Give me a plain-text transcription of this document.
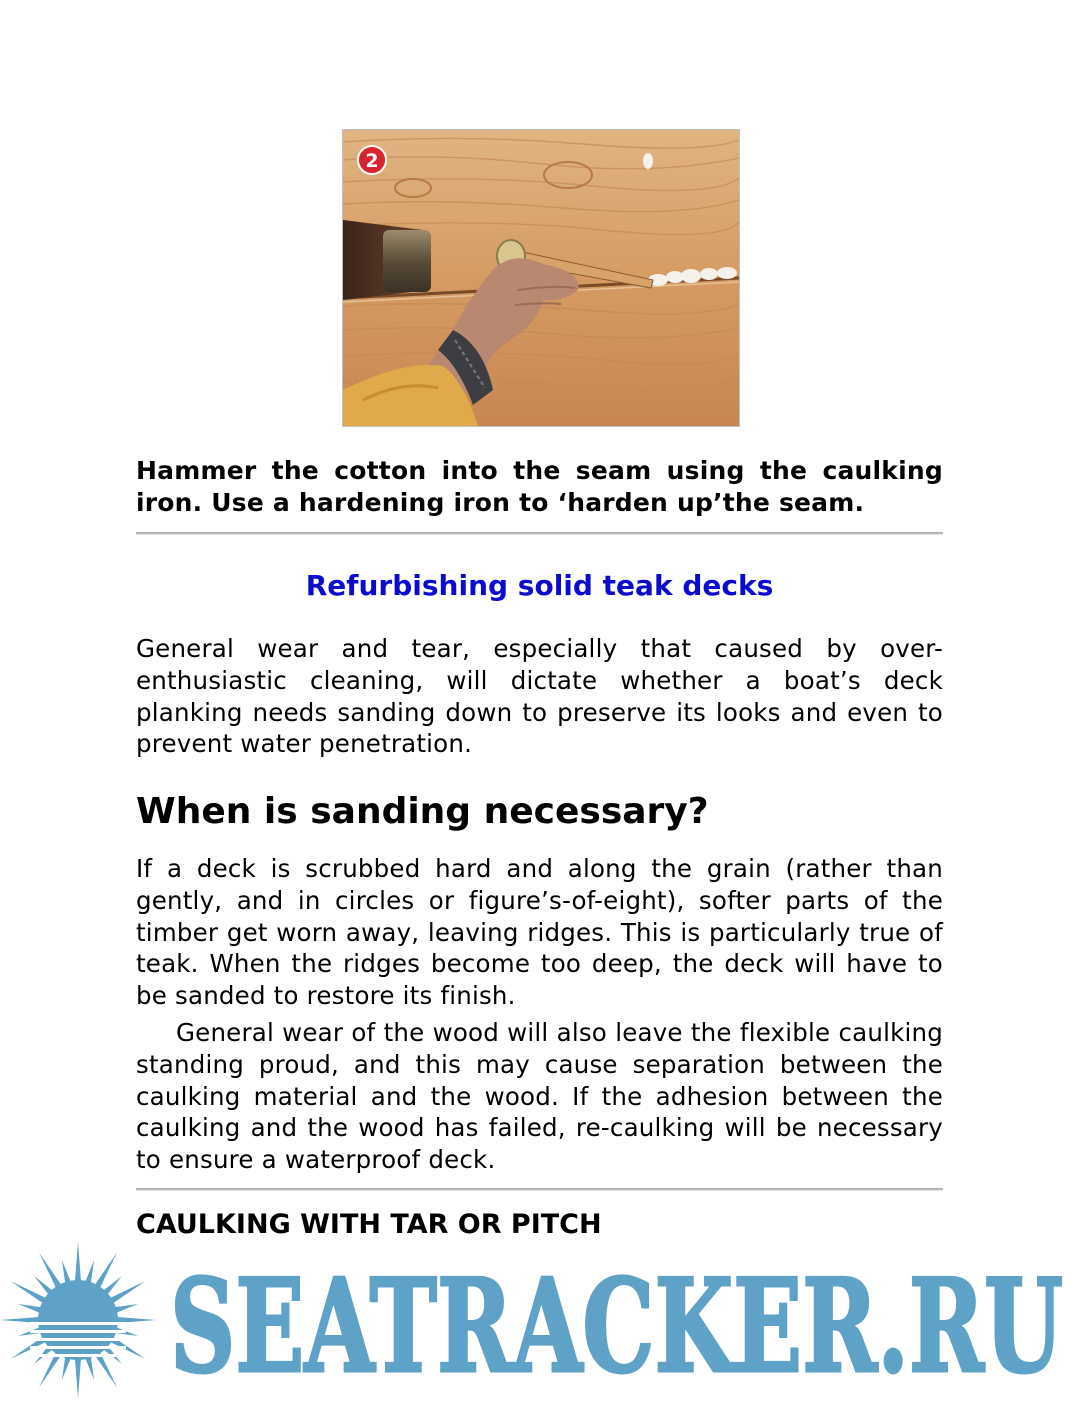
2
Hammer the cotton into the seam using the caulking iron. Use a hardening iron to ‘harden up’the seam.
Refurbishing solid teak decks
General wear and tear, especially that caused by over-enthusiastic cleaning, will dictate whether a boat’s deck planking needs sanding down to preserve its looks and even to prevent water penetration.
When is sanding necessary?
If a deck is scrubbed hard and along the grain (rather than gently, and in circles or figure’s-of-eight), softer parts of the timber get worn away, leaving ridges. This is particularly true of teak. When the ridges become too deep, the deck will have to be sanded to restore its finish.
General wear of the wood will also leave the flexible caulking standing proud, and this may cause separation between the caulking material and the wood. If the adhesion between the caulking and the wood has failed, re-caulking will be necessary to ensure a waterproof deck.
CAULKING WITH TAR OR PITCH
SEATRACKER.RU
